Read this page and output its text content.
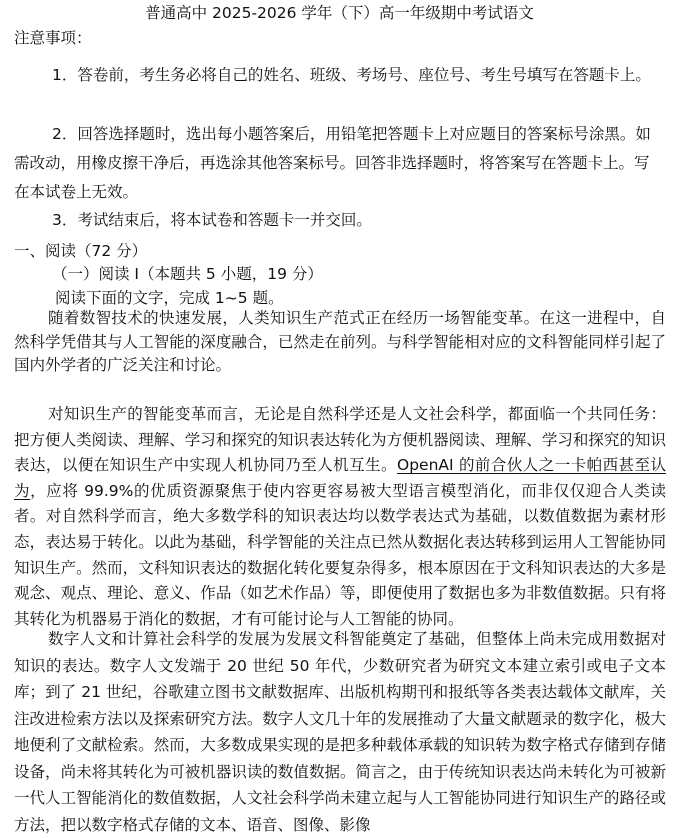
普通高中 2025-2026 学年（下）高一年级期中考试语文
注意事项：

1．答卷前，考生务必将自己的姓名、班级、考场号、座位号、考生号填写在答题卡上。

2．回答选择题时，选出每小题答案后，用铅笔把答题卡上对应题目的答案标号涂黑。如需改动，用橡皮擦干净后，再选涂其他答案标号。回答非选择题时，将答案写在答题卡上。写在本试卷上无效。

3．考试结束后，将本试卷和答题卡一并交回。

一、阅读（72 分）
（一）阅读 I（本题共 5 小题，19 分）
阅读下面的文字，完成 1~5 题。

随着数智技术的快速发展，人类知识生产范式正在经历一场智能变革。在这一进程中，自然科学凭借其与人工智能的深度融合，已然走在前列。与科学智能相对应的文科智能同样引起了国内外学者的广泛关注和讨论。

对知识生产的智能变革而言，无论是自然科学还是人文社会科学，都面临一个共同任务：把方便人类阅读、理解、学习和探究的知识表达转化为方便机器阅读、理解、学习和探究的知识表达，以便在知识生产中实现人机协同乃至人机互生。OpenAI 的前合伙人之一卡帕西甚至认为，应将 99.9%的优质资源聚焦于使内容更容易被大型语言模型消化，而非仅仅迎合人类读者。对自然科学而言，绝大多数学科的知识表达均以数学表达式为基础，以数值数据为素材形态，表达易于转化。以此为基础，科学智能的关注点已然从数据化表达转移到运用人工智能协同知识生产。然而，文科知识表达的数据化转化要复杂得多，根本原因在于文科知识表达的大多是观念、观点、理论、意义、作品（如艺术作品）等，即便使用了数据也多为非数值数据。只有将其转化为机器易于消化的数据，才有可能讨论与人工智能的协同。

数字人文和计算社会科学的发展为发展文科智能奠定了基础，但整体上尚未完成用数据对知识的表达。数字人文发端于 20 世纪 50 年代，少数研究者为研究文本建立索引或电子文本库；到了 21 世纪，谷歌建立图书文献数据库、出版机构期刊和报纸等各类表达载体文献库，关注改进检索方法以及探索研究方法。数字人文几十年的发展推动了大量文献题录的数字化，极大地便利了文献检索。然而，大多数成果实现的是把多种载体承载的知识转为数字格式存储到存储设备，尚未将其转化为可被机器识读的数值数据。简言之，由于传统知识表达尚未转化为可被新一代人工智能消化的数值数据，人文社会科学尚未建立起与人工智能协同进行知识生产的路径或方法，把以数字格式存储的文本、语音、图像、影像
